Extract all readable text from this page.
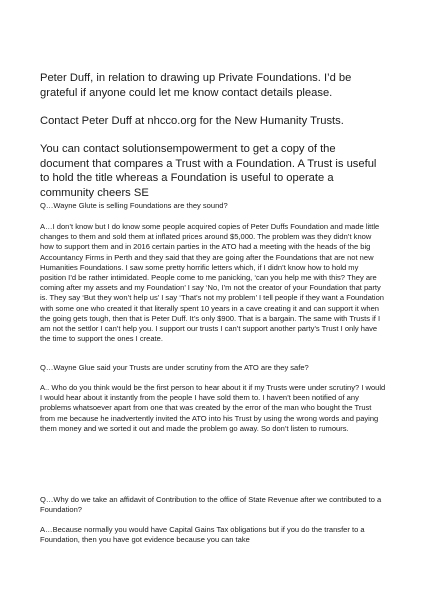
Peter Duff, in relation to drawing up Private Foundations. I’d be grateful if anyone could let me know contact details please.

Contact Peter Duff at nhcco.org for the New Humanity Trusts.

You can contact solutionsempowerment to get a copy of the document that compares a Trust with a Foundation. A Trust is useful to hold the title whereas a Foundation is useful to operate a community cheers SE

Q…Wayne Glute is selling Foundations are they sound?

A…I don’t know but I do know some people acquired copies of Peter Duffs Foundation and made little changes to them and sold them at inflated prices around $5,000. The problem was they didn’t know how to support them and in 2016 certain parties in the ATO had a meeting with the heads of the big Accountancy Firms in Perth and they said that they are going after the Foundations that are not new Humanities Foundations. I saw some pretty horrific letters which, if I didn’t know how to hold my position I’d be rather intimidated. People come to me panicking, ‘can you help me with this? They are coming after my assets and my Foundation’ I say ‘No, I’m not the creator of your Foundation that party is. They say ‘But they won’t help us’ I say ‘That’s not my problem’ I tell people if they want a Foundation with some one who created it that literally spent 10 years in a cave creating it and can support it when the going gets tough, then that is Peter Duff. It’s only $900. That is a bargain. The same with Trusts if I am not the settlor I can’t help you. I support our trusts I can’t support another party’s Trust I only have the time to support the ones I create.

Q…Wayne Glue said your Trusts are under scrutiny from the ATO are they safe?

A.. Who do you think would be the first person to hear about it if my Trusts were under scrutiny? I would I would hear about it instantly from the people I have sold them to. I haven’t been notified of any problems whatsoever apart from one that was created by the error of the man who bought the Trust from me because he inadvertently invited the ATO into his Trust by using the wrong words and paying them money and we sorted it out and made the problem go away. So don’t listen to rumours.

Q…Why do we take an affidavit of Contribution to the office of State Revenue after we contributed to a Foundation?

A…Because normally you would have Capital Gains Tax obligations but if you do the transfer to a Foundation, then you have got evidence because you can take
